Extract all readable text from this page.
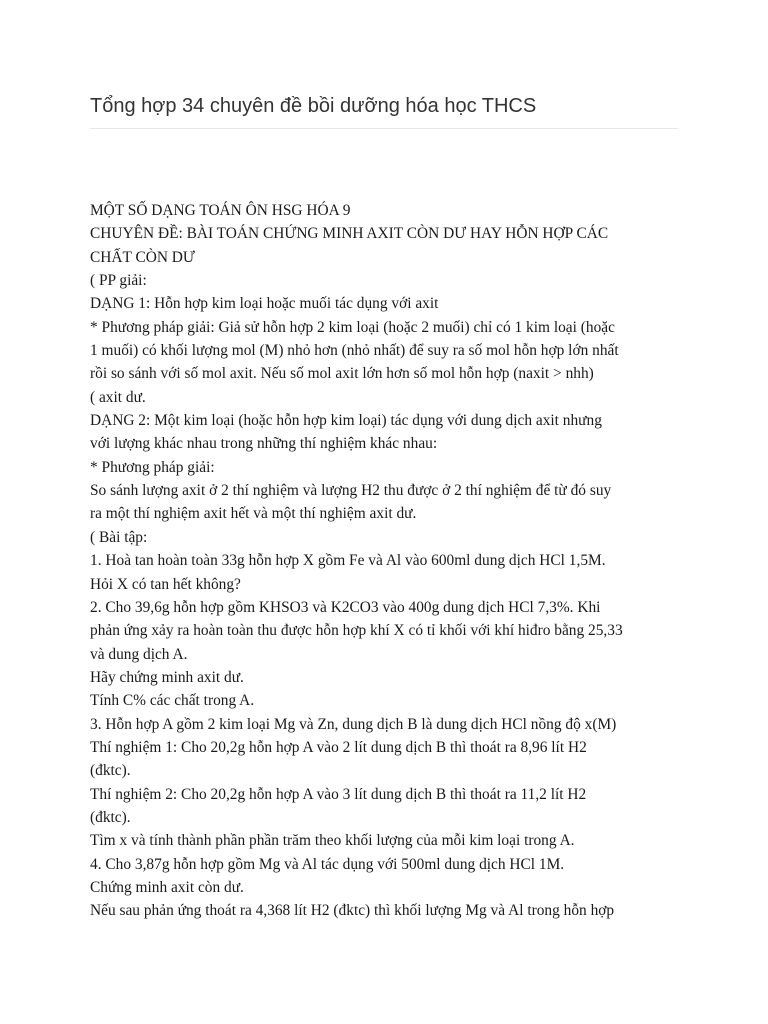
Tổng hợp 34 chuyên đề bồi dưỡng hóa học THCS
MỘT SỐ DẠNG TOÁN ÔN HSG HÓA 9
CHUYÊN ĐỀ: BÀI TOÁN CHỨNG MINH AXIT CÒN DƯ HAY HỖN HỢP CÁC
CHẤT CÒN DƯ
( PP giải:
DẠNG 1: Hỗn hợp kim loại hoặc muối tác dụng với axit
* Phương pháp giải: Giả sử hỗn hợp 2 kim loại (hoặc 2 muối) chỉ có 1 kim loại (hoặc
1 muối) có khối lượng mol (M) nhỏ hơn (nhỏ nhất) để suy ra số mol hỗn hợp lớn nhất
rồi so sánh với số mol axit. Nếu số mol axit lớn hơn số mol hỗn hợp (naxit > nhh)
( axit dư.
DẠNG 2: Một kim loại (hoặc hỗn hợp kim loại) tác dụng với dung dịch axit nhưng
với lượng khác nhau trong những thí nghiệm khác nhau:
* Phương pháp giải:
So sánh lượng axit ở 2 thí nghiệm và lượng H2 thu được ở 2 thí nghiệm để từ đó suy
ra một thí nghiệm axit hết và một thí nghiệm axit dư.
( Bài tập:
1. Hoà tan hoàn toàn 33g hỗn hợp X gồm Fe và Al vào 600ml dung dịch HCl 1,5M.
Hỏi X có tan hết không?
2. Cho 39,6g hỗn hợp gồm KHSO3 và K2CO3 vào 400g dung dịch HCl 7,3%. Khi
phản ứng xảy ra hoàn toàn thu được hỗn hợp khí X có tỉ khối với khí hiđro bằng 25,33
và dung dịch A.
Hãy chứng minh axit dư.
Tính C% các chất trong A.
3. Hỗn hợp A gồm 2 kim loại Mg và Zn, dung dịch B là dung dịch HCl nồng độ x(M)
Thí nghiệm 1: Cho 20,2g hỗn hợp A vào 2 lít dung dịch B thì thoát ra 8,96 lít H2
(đktc).
Thí nghiệm 2: Cho 20,2g hỗn hợp A vào 3 lít dung dịch B thì thoát ra 11,2 lít H2
(đktc).
Tìm x và tính thành phần phần trăm theo khối lượng của mỗi kim loại trong A.
4. Cho 3,87g hỗn hợp gồm Mg và Al tác dụng với 500ml dung dịch HCl 1M.
Chứng minh axit còn dư.
Nếu sau phản ứng thoát ra 4,368 lít H2 (đktc) thì khối lượng Mg và Al trong hỗn hợp
